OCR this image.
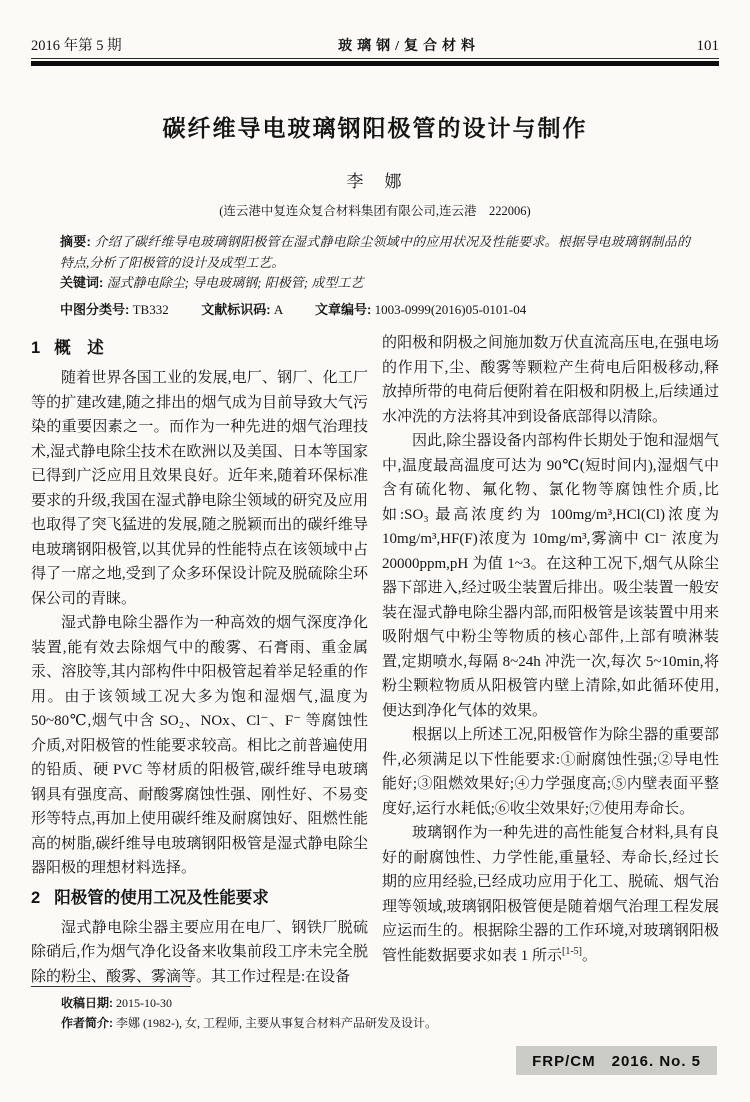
2016 年第 5 期	玻璃钢/复合材料	101
碳纤维导电玻璃钢阳极管的设计与制作
李　娜
(连云港中复连众复合材料集团有限公司,连云港　222006)
摘要: 介绍了碳纤维导电玻璃钢阳极管在湿式静电除尘领域中的应用状况及性能要求。根据导电玻璃钢制品的特点,分析了阳极管的设计及成型工艺。
关键词: 湿式静电除尘; 导电玻璃钢; 阳极管; 成型工艺
中图分类号: TB332	文献标识码: A	文章编号: 1003-0999(2016)05-0101-04
1 概　述

随着世界各国工业的发展,电厂、钢厂、化工厂等的扩建改建,随之排出的烟气成为目前导致大气污染的重要因素之一。而作为一种先进的烟气治理技术,湿式静电除尘技术在欧洲以及美国、日本等国家已得到广泛应用且效果良好。近年来,随着环保标准要求的升级,我国在湿式静电除尘领域的研究及应用也取得了突飞猛进的发展,随之脱颖而出的碳纤维导电玻璃钢阳极管,以其优异的性能特点在该领域中占得了一席之地,受到了众多环保设计院及脱硫除尘环保公司的青睐。

湿式静电除尘器作为一种高效的烟气深度净化装置,能有效去除烟气中的酸雾、石膏雨、重金属汞、溶胶等,其内部构件中阳极管起着举足轻重的作用。由于该领域工况大多为饱和湿烟气,温度为 50~80℃,烟气中含 SO₂、NOx、Cl⁻、F⁻ 等腐蚀性介质,对阳极管的性能要求较高。相比之前普遍使用的铅质、硬 PVC 等材质的阳极管,碳纤维导电玻璃钢具有强度高、耐酸雾腐蚀性强、刚性好、不易变形等特点,再加上使用碳纤维及耐腐蚀好、阻燃性能高的树脂,碳纤维导电玻璃钢阳极管是湿式静电除尘器阳极的理想材料选择。

2 阳极管的使用工况及性能要求

湿式静电除尘器主要应用在电厂、钢铁厂脱硫除硝后,作为烟气净化设备来收集前段工序未完全脱除的粉尘、酸雾、雾滴等。其工作过程是:在设备

的阳极和阴极之间施加数万伏直流高压电,在强电场的作用下,尘、酸雾等颗粒产生荷电后阳极移动,释放掉所带的电荷后便附着在阳极和阴极上,后续通过水冲洗的方法将其冲到设备底部得以清除。

因此,除尘器设备内部构件长期处于饱和湿烟气中,温度最高温度可达为 90℃(短时间内),湿烟气中含有硫化物、氟化物、氯化物等腐蚀性介质,比如:SO₃ 最高浓度约为 100mg/m³,HCl(Cl)浓度为 10mg/m³,HF(F)浓度为 10mg/m³,雾滴中 Cl⁻ 浓度为 20000ppm,pH 为值 1~3。在这种工况下,烟气从除尘器下部进入,经过吸尘装置后排出。吸尘装置一般安装在湿式静电除尘器内部,而阳极管是该装置中用来吸附烟气中粉尘等物质的核心部件,上部有喷淋装置,定期喷水,每隔 8~24h 冲洗一次,每次 5~10min,将粉尘颗粒物质从阳极管内壁上清除,如此循环使用,便达到净化气体的效果。

根据以上所述工况,阳极管作为除尘器的重要部件,必须满足以下性能要求:①耐腐蚀性强;②导电性能好;③阻燃效果好;④力学强度高;⑤内壁表面平整度好,运行水耗低;⑥收尘效果好;⑦使用寿命长。

玻璃钢作为一种先进的高性能复合材料,具有良好的耐腐蚀性、力学性能,重量轻、寿命长,经过长期的应用经验,已经成功应用于化工、脱硫、烟气治理等领域,玻璃钢阳极管便是随着烟气治理工程发展应运而生的。根据除尘器的工作环境,对玻璃钢阳极管性能数据要求如表 1 所示[1-5]。

收稿日期: 2015-10-30
作者简介: 李娜 (1982-), 女, 工程师, 主要从事复合材料产品研发及设计。
FRP/CM　2016. No. 5
